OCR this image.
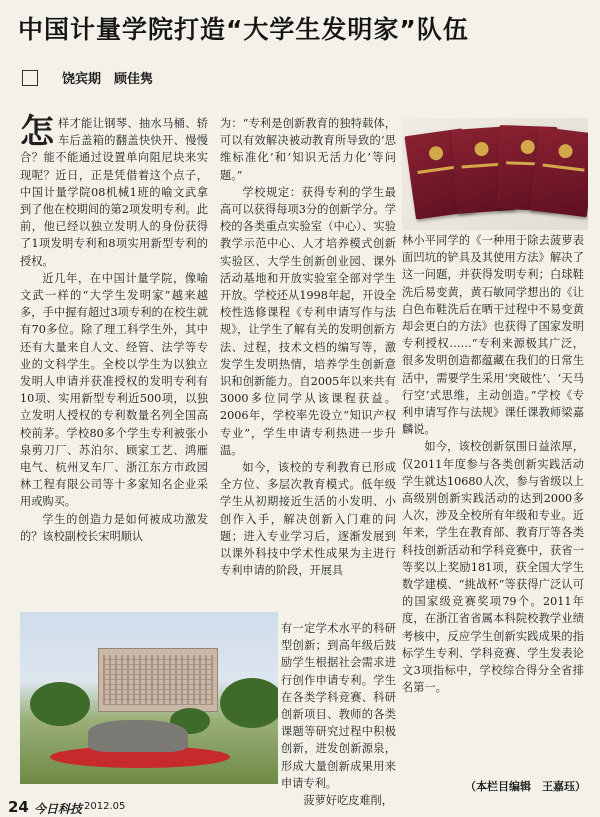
中国计量学院打造“大学生发明家”队伍
饶宾期　顾佳隽
怎 样才能让钢琴、抽水马桶、轿车后盖箱的翻盖快快开、慢慢合？能不能通过设置单向阻尼块来实现呢？近日，正是凭借着这个点子，中国计量学院08机械1班的喻文武拿到了他在校期间的第2项发明专利。此前，他已经以独立发明人的身份获得了1项发明专利和8项实用新型专利的授权。

近几年，在中国计量学院，像喻文武一样的“大学生发明家”越来越多，手中握有超过3项专利的在校生就有70多位。除了理工科学生外，其中还有大量来自人文、经管、法学等专业的文科学生。全校以学生为以独立发明人申请并获准授权的发明专利有10项、实用新型专利近500项，以独立发明人授权的专利数量名列全国高校前茅。学校80多个学生专利被张小泉剪刀厂、苏泊尔、顾家工艺、鸿雁电气、杭州叉车厂、浙江东方市政园林工程有限公司等十多家知名企业采用或购买。

学生的创造力是如何被成功激发的？该校副校长宋明顺认

为：“专利是创新教育的独特载体，可以有效解决被动教育所导致的‘思维标准化’和‘知识无活力化’等问题。”

学校规定：获得专利的学生最高可以获得每项3分的创新学分。学校的各类重点实验室（中心）、实验教学示范中心、人才培养模式创新实验区、大学生创新创业园、课外活动基地和开放实验室全部对学生开放。学校还从1998年起，开设全校性选修课程《专利申请写作与法规》，让学生了解有关的发明创新方法、过程，技术文档的编写等，激发学生发明热情，培养学生创新意识和创新能力。自2005年以来共有3000多位同学从该课程获益。2006年，学校率先设立“知识产权专业”，学生申请专利热进一步升温。

如今，该校的专利教育已形成全方位、多层次教育模式。低年级学生从初期接近生活的小发明、小创作入手，解决创新入门难的问题；进入专业学习后，逐渐发展到以课外科技中学术性成果为主进行专利申请的阶段，开展具

有一定学术水平的科研型创新；到高年级后鼓励学生根据社会需求进行创作申请专利。学生在各类学科竞赛、科研创新项目、教师的各类课题等研究过程中积极创新，进发创新源泉，形成大量创新成果用来申请专利。

菠萝好吃皮难削，

林小平同学的《一种用于除去菠萝表面凹坑的铲具及其使用方法》解决了这一问题，并获得发明专利；白球鞋洗后易变黄，黄石敏同学想出的《让白色布鞋洗后在晒干过程中不易变黄却会更白的方法》也获得了国家发明专利授权……“专利来源极其广泛，很多发明创造都蕴藏在我们的日常生活中，需要学生采用‘突破性’、‘天马行空’式思维，主动创造。”学校《专利申请写作与法规》课任课教师梁嘉麟说。

如今，该校创新氛围日益浓厚，仅2011年度参与各类创新实践活动学生就达10680人次，参与省级以上高级别创新实践活动的达到2000多人次，涉及全校所有年级和专业。近年来，学生在教育部、教育厅等各类科技创新活动和学科竞赛中，获省一等奖以上奖励181项，获全国大学生数学建模、“挑战杯”等获得广泛认可的国家级竞赛奖项79个。2011年度，在浙江省省属本科院校教学业绩考核中，反应学生创新实践成果的指标学生专利、学科竞赛、学生发表论文3项指标中，学校综合得分全省排名第一。

（本栏目编辑　王嘉珏）
24 今日科技 2012.05
